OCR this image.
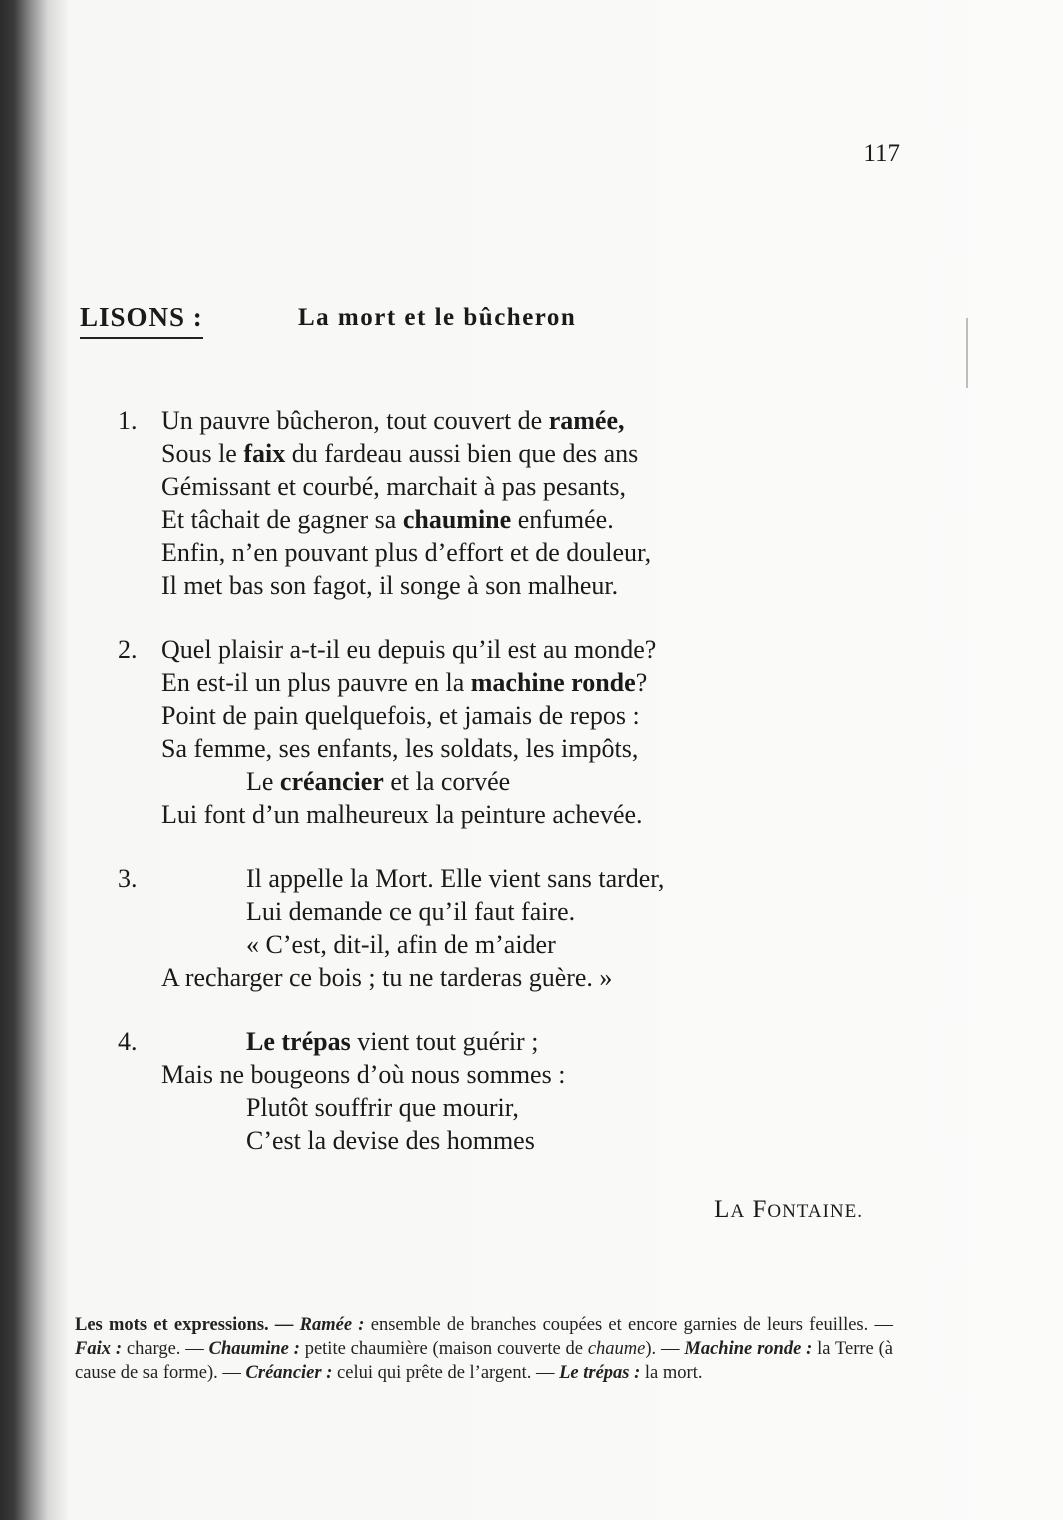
117
LISONS :	La mort et le bûcheron
1. Un pauvre bûcheron, tout couvert de ramée,
Sous le faix du fardeau aussi bien que des ans
Gémissant et courbé, marchait à pas pesants,
Et tâchait de gagner sa chaumine enfumée.
Enfin, n’en pouvant plus d’effort et de douleur,
Il met bas son fagot, il songe à son malheur.
2. Quel plaisir a-t-il eu depuis qu’il est au monde?
En est-il un plus pauvre en la machine ronde?
Point de pain quelquefois, et jamais de repos :
Sa femme, ses enfants, les soldats, les impôts,
Le créancier et la corvée
Lui font d’un malheureux la peinture achevée.
3.	Il appelle la Mort. Elle vient sans tarder,
Lui demande ce qu’il faut faire.
« C’est, dit-il, afin de m’aider
A recharger ce bois ; tu ne tarderas guère. »
4.	Le trépas vient tout guérir ;
Mais ne bougeons d’où nous sommes :
Plutôt souffrir que mourir,
C’est la devise des hommes
LA FONTAINE.
Les mots et expressions. — Ramée : ensemble de branches coupées et encore garnies de leurs feuilles. — Faix : charge. — Chaumine : petite chaumière (maison couverte de chaume). — Machine ronde : la Terre (à cause de sa forme). — Créancier : celui qui prête de l’argent. — Le trépas : la mort.
